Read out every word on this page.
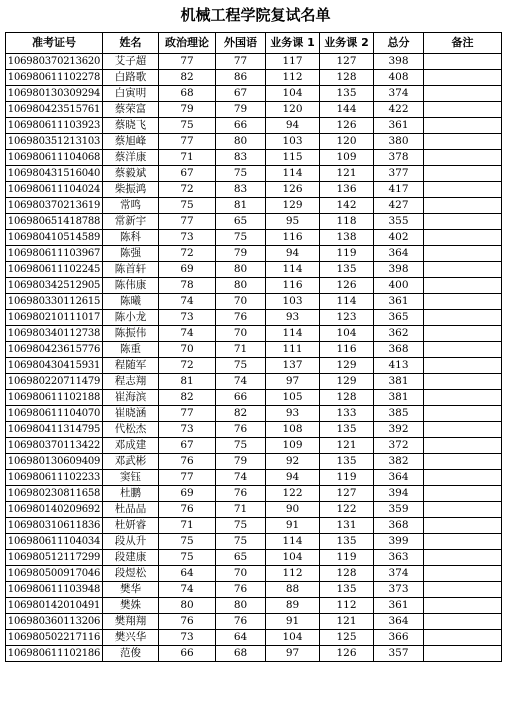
机械工程学院复试名单
准考证号	姓名	政治理论	外国语	业务课 1	业务课 2	总分	备注
106980370213620	艾子超	77	77	117	127	398	
106980611102278	白路歌	82	86	112	128	408	
106980130309294	白寅明	68	67	104	135	374	
106980423515761	蔡荣富	79	79	120	144	422	
106980611103923	蔡晓飞	75	66	94	126	361	
106980351213103	蔡旭峰	77	80	103	120	380	
106980611104068	蔡洋康	71	83	115	109	378	
106980431516040	蔡毅斌	67	75	114	121	377	
106980611104024	柴振鸿	72	83	126	136	417	
106980370213619	常鸣	75	81	129	142	427	
106980651418788	常新宇	77	65	95	118	355	
106980410514589	陈科	73	75	116	138	402	
106980611103967	陈强	72	79	94	119	364	
106980611102245	陈首轩	69	80	114	135	398	
106980342512905	陈伟康	78	80	116	126	400	
106980330112615	陈曦	74	70	103	114	361	
106980210111017	陈小龙	73	76	93	123	365	
106980340112738	陈振伟	74	70	114	104	362	
106980423615776	陈重	70	71	111	116	368	
106980430415931	程随军	72	75	137	129	413	
106980220711479	程志翔	81	74	97	129	381	
106980611102188	崔海滨	82	66	105	128	381	
106980611104070	崔晓涵	77	82	93	133	385	
106980411314795	代松杰	73	76	108	135	392	
106980370113422	邓成建	67	75	109	121	372	
106980130609409	邓武彬	76	79	92	135	382	
106980611102233	窦钰	77	74	94	119	364	
106980230811658	杜鹏	69	76	122	127	394	
106980140209692	杜品品	76	71	90	122	359	
106980310611836	杜妍睿	71	75	91	131	368	
106980611104034	段从升	75	75	114	135	399	
106980512117299	段建康	75	65	104	119	363	
106980500917046	段煜松	64	70	112	128	374	
106980611103948	樊华	74	76	88	135	373	
106980142010491	樊姝	80	80	89	112	361	
106980360113206	樊翔翔	76	76	91	121	364	
106980502217116	樊兴华	73	64	104	125	366	
106980611102186	范俊	66	68	97	126	357	
